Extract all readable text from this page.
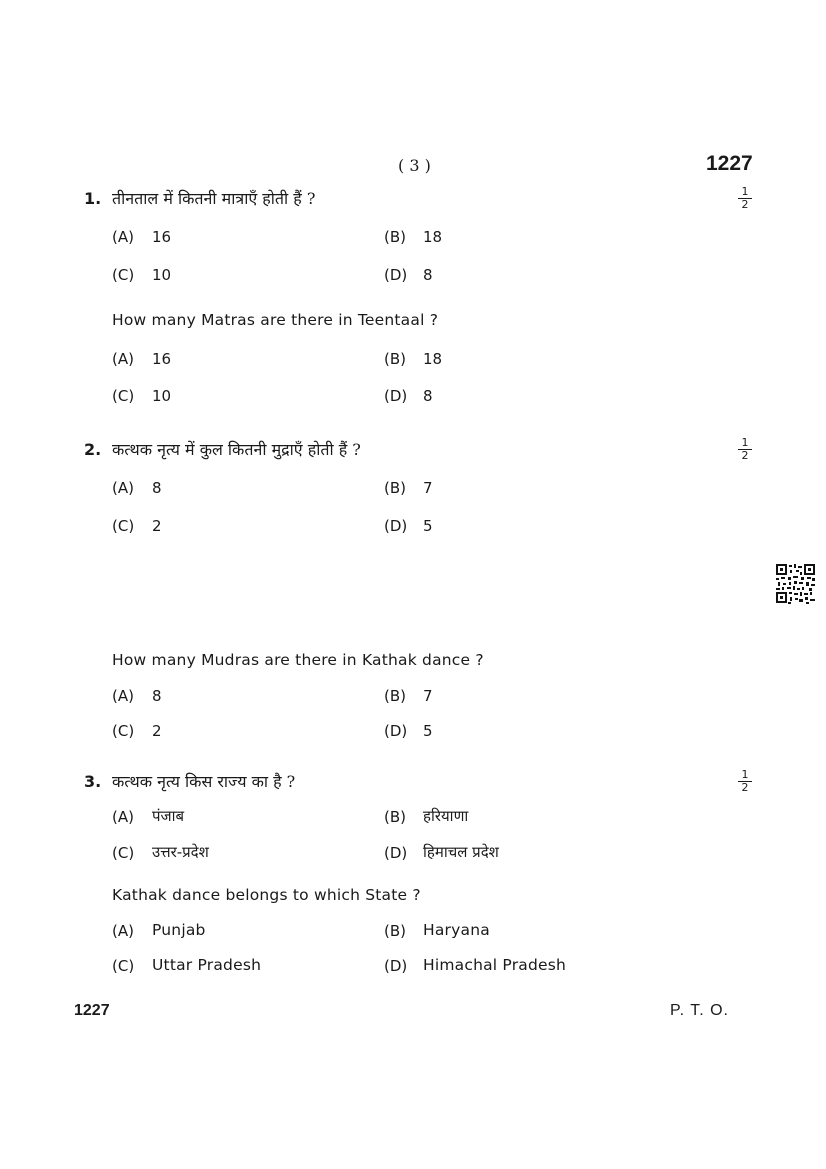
( 3 )	1227
1. तीनताल में कितनी मात्राएँ होती हैं ?	$\frac{1}{2}$
(A) 16	(B) 18
(C) 10	(D) 8
How many Matras are there in Teentaal ?
(A) 16	(B) 18
(C) 10	(D) 8
2. कत्थक नृत्य में कुल कितनी मुद्राएँ होती हैं ?	$\frac{1}{2}$
(A) 8	(B) 7
(C) 2	(D) 5
How many Mudras are there in Kathak dance ?
(A) 8	(B) 7
(C) 2	(D) 5
3. कत्थक नृत्य किस राज्य का है ?	$\frac{1}{2}$
(A) पंजाब	(B) हरियाणा
(C) उत्तर-प्रदेश	(D) हिमाचल प्रदेश
Kathak dance belongs to which State ?
(A) Punjab	(B) Haryana
(C) Uttar Pradesh	(D) Himachal Pradesh
1227	P. T. O.
